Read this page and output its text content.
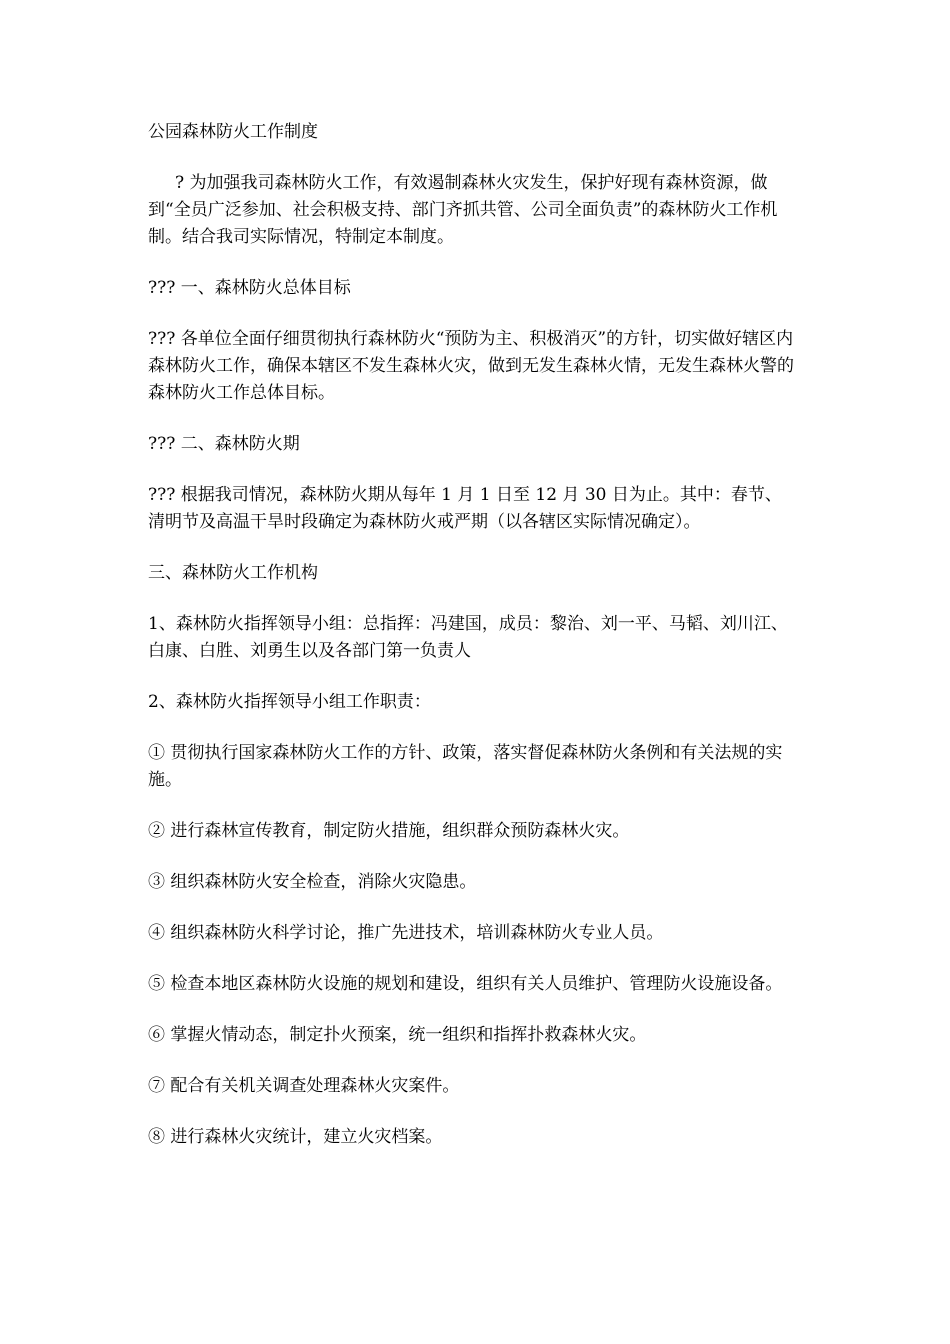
公园森林防火工作制度

? 为加强我司森林防火工作，有效遏制森林火灾发生，保护好现有森林资源，做到“全员广泛参加、社会积极支持、部门齐抓共管、公司全面负责”的森林防火工作机制。结合我司实际情况，特制定本制度。

??? 一、森林防火总体目标

??? 各单位全面仔细贯彻执行森林防火“预防为主、积极消灭”的方针，切实做好辖区内森林防火工作，确保本辖区不发生森林火灾，做到无发生森林火情，无发生森林火警的森林防火工作总体目标。

??? 二、森林防火期

??? 根据我司情况，森林防火期从每年 1 月 1 日至 12 月 30 日为止。其中：春节、清明节及高温干旱时段确定为森林防火戒严期（以各辖区实际情况确定）。

三、森林防火工作机构

1、森林防火指挥领导小组：总指挥：冯建国，成员：黎治、刘一平、马韬、刘川江、白康、白胜、刘勇生以及各部门第一负责人

2、森林防火指挥领导小组工作职责：

① 贯彻执行国家森林防火工作的方针、政策，落实督促森林防火条例和有关法规的实施。

② 进行森林宣传教育，制定防火措施，组织群众预防森林火灾。

③ 组织森林防火安全检查，消除火灾隐患。

④ 组织森林防火科学讨论，推广先进技术，培训森林防火专业人员。

⑤ 检查本地区森林防火设施的规划和建设，组织有关人员维护、管理防火设施设备。

⑥ 掌握火情动态，制定扑火预案，统一组织和指挥扑救森林火灾。

⑦ 配合有关机关调查处理森林火灾案件。

⑧ 进行森林火灾统计，建立火灾档案。
